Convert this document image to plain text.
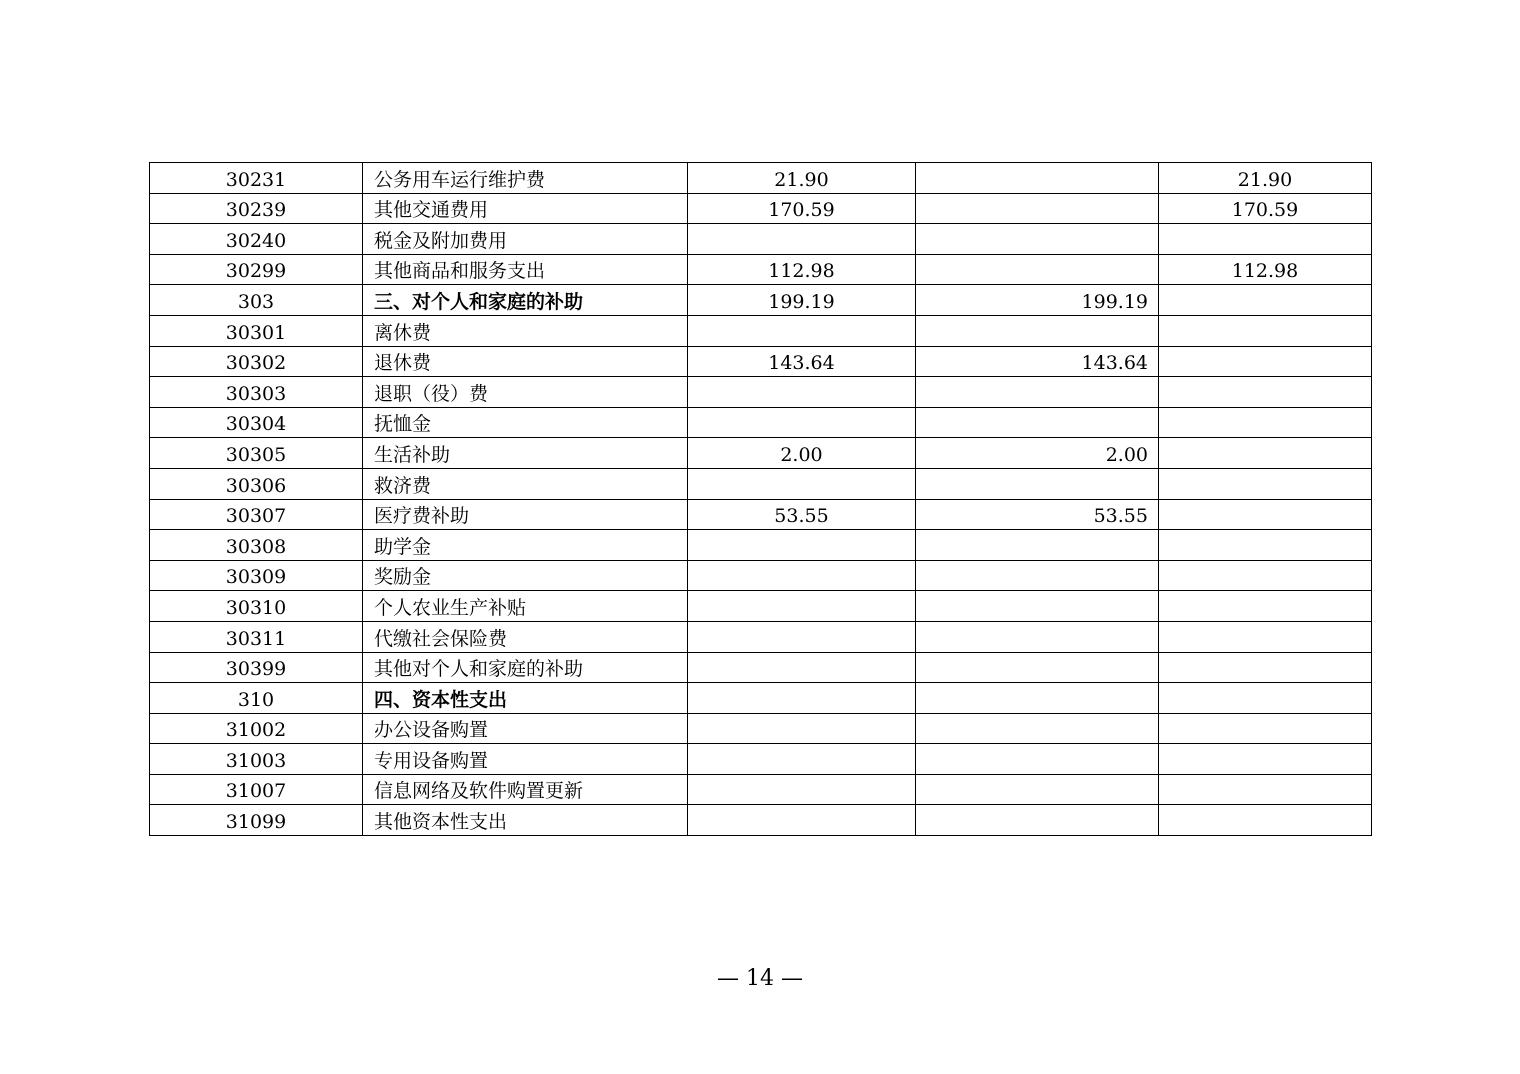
30231	公务用车运行维护费	21.90		21.90
30239	其他交通费用	170.59		170.59
30240	税金及附加费用			
30299	其他商品和服务支出	112.98		112.98
303	三、对个人和家庭的补助	199.19	199.19	
30301	离休费			
30302	退休费	143.64	143.64	
30303	退职（役）费			
30304	抚恤金			
30305	生活补助	2.00	2.00	
30306	救济费			
30307	医疗费补助	53.55	53.55	
30308	助学金			
30309	奖励金			
30310	个人农业生产补贴			
30311	代缴社会保险费			
30399	其他对个人和家庭的补助			
310	四、资本性支出			
31002	办公设备购置			
31003	专用设备购置			
31007	信息网络及软件购置更新			
31099	其他资本性支出			
— 14 —
